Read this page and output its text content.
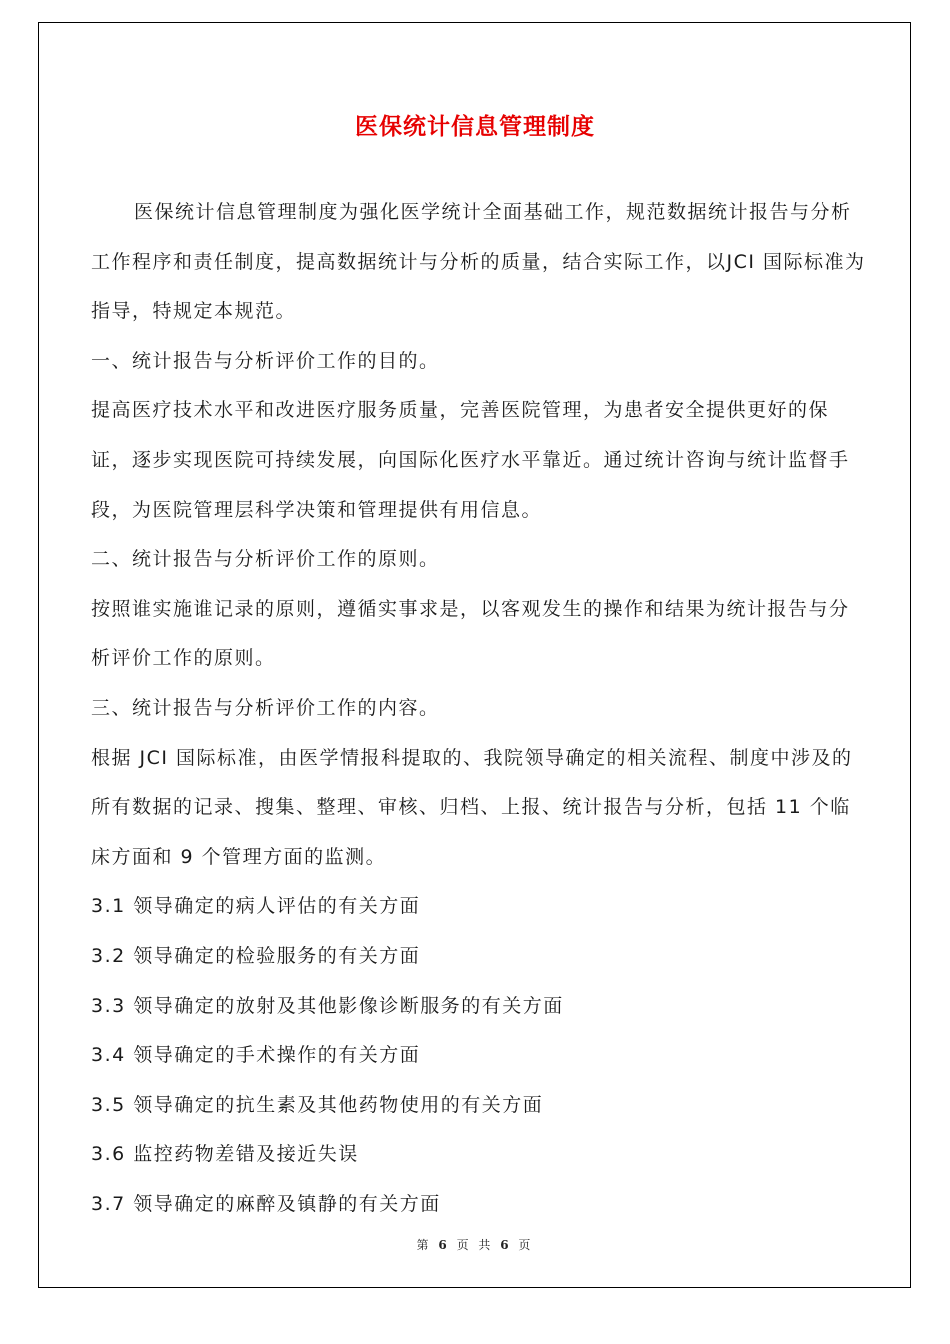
医保统计信息管理制度

医保统计信息管理制度为强化医学统计全面基础工作，规范数据统计报告与分析工作程序和责任制度，提高数据统计与分析的质量，结合实际工作，以JCI 国际标准为指导，特规定本规范。

一、统计报告与分析评价工作的目的。

提高医疗技术水平和改进医疗服务质量，完善医院管理，为患者安全提供更好的保证，逐步实现医院可持续发展，向国际化医疗水平靠近。通过统计咨询与统计监督手段，为医院管理层科学决策和管理提供有用信息。

二、统计报告与分析评价工作的原则。

按照谁实施谁记录的原则，遵循实事求是，以客观发生的操作和结果为统计报告与分析评价工作的原则。

三、统计报告与分析评价工作的内容。

根据 JCI 国际标准，由医学情报科提取的、我院领导确定的相关流程、制度中涉及的所有数据的记录、搜集、整理、审核、归档、上报、统计报告与分析，包括 11 个临床方面和 9 个管理方面的监测。

3.1 领导确定的病人评估的有关方面

3.2 领导确定的检验服务的有关方面

3.3 领导确定的放射及其他影像诊断服务的有关方面

3.4 领导确定的手术操作的有关方面

3.5 领导确定的抗生素及其他药物使用的有关方面

3.6 监控药物差错及接近失误

3.7 领导确定的麻醉及镇静的有关方面

第 6 页 共 6 页
